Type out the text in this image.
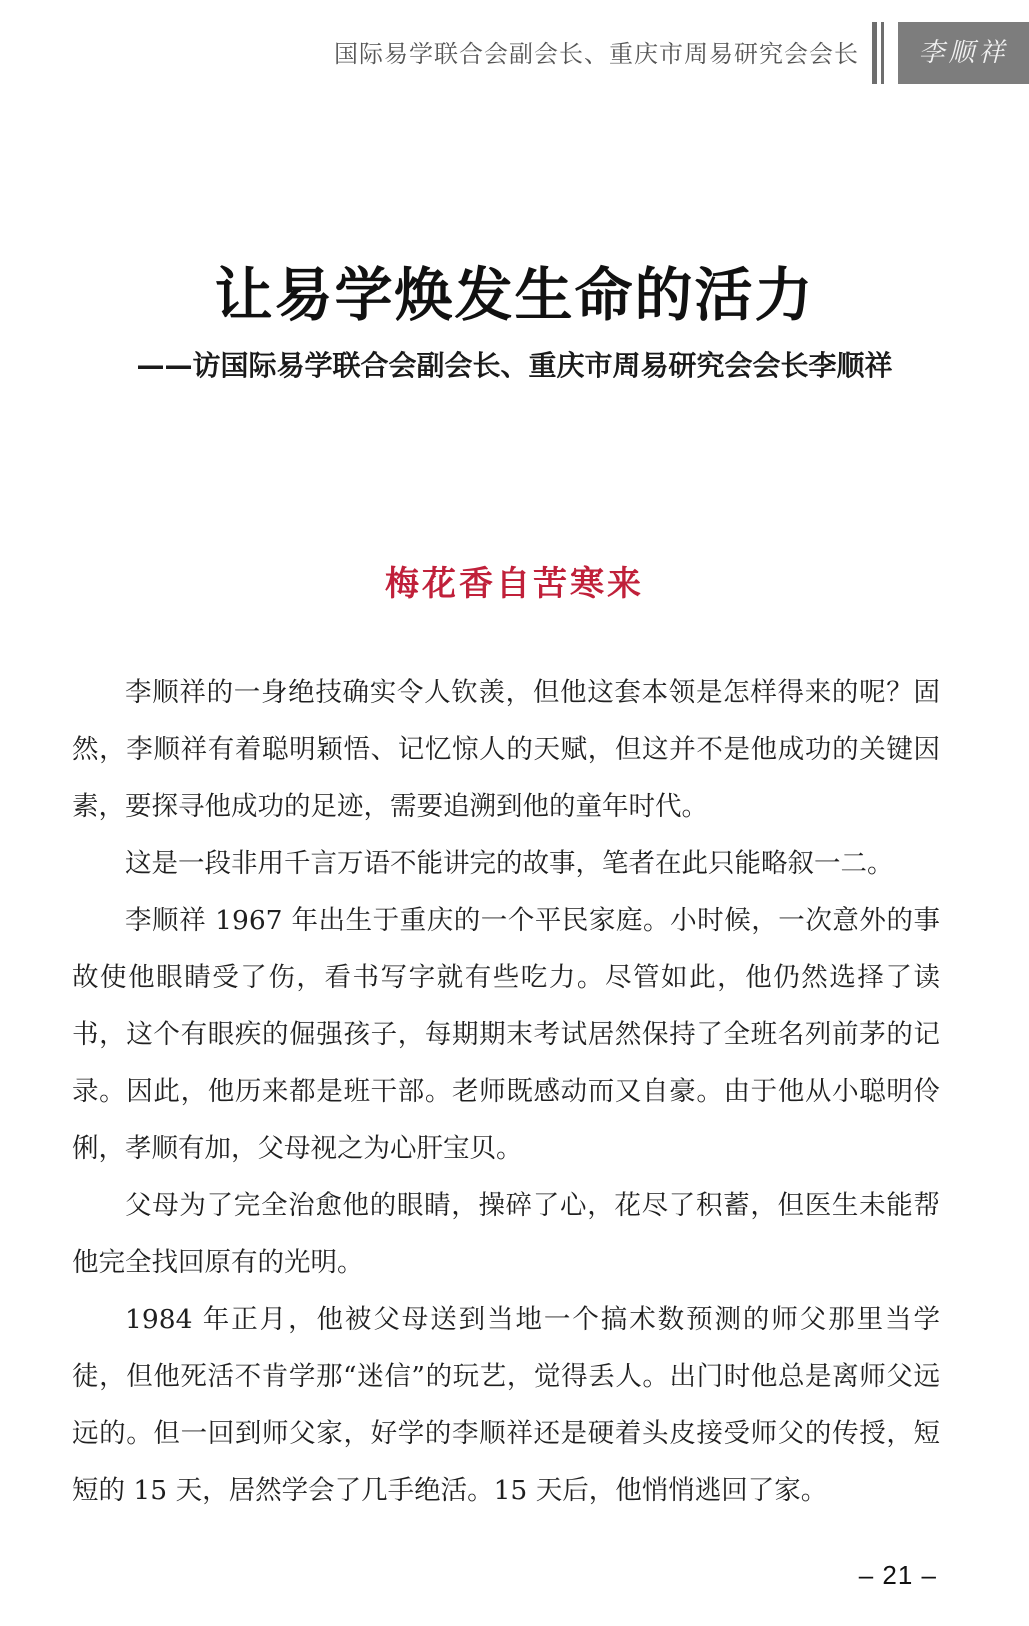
国际易学联合会副会长、重庆市周易研究会会长	李顺祥
让易学焕发生命的活力
——访国际易学联合会副会长、重庆市周易研究会会长李顺祥
梅花香自苦寒来

李顺祥的一身绝技确实令人钦羡，但他这套本领是怎样得来的呢？固然，李顺祥有着聪明颖悟、记忆惊人的天赋，但这并不是他成功的关键因素，要探寻他成功的足迹，需要追溯到他的童年时代。

这是一段非用千言万语不能讲完的故事，笔者在此只能略叙一二。

李顺祥 1967 年出生于重庆的一个平民家庭。小时候，一次意外的事故使他眼睛受了伤，看书写字就有些吃力。尽管如此，他仍然选择了读书，这个有眼疾的倔强孩子，每期期末考试居然保持了全班名列前茅的记录。因此，他历来都是班干部。老师既感动而又自豪。由于他从小聪明伶俐，孝顺有加，父母视之为心肝宝贝。

父母为了完全治愈他的眼睛，操碎了心，花尽了积蓄，但医生未能帮他完全找回原有的光明。

1984 年正月，他被父母送到当地一个搞术数预测的师父那里当学徒，但他死活不肯学那“迷信”的玩艺，觉得丢人。出门时他总是离师父远远的。但一回到师父家，好学的李顺祥还是硬着头皮接受师父的传授，短短的 15 天，居然学会了几手绝活。15 天后，他悄悄逃回了家。

– 21 –
